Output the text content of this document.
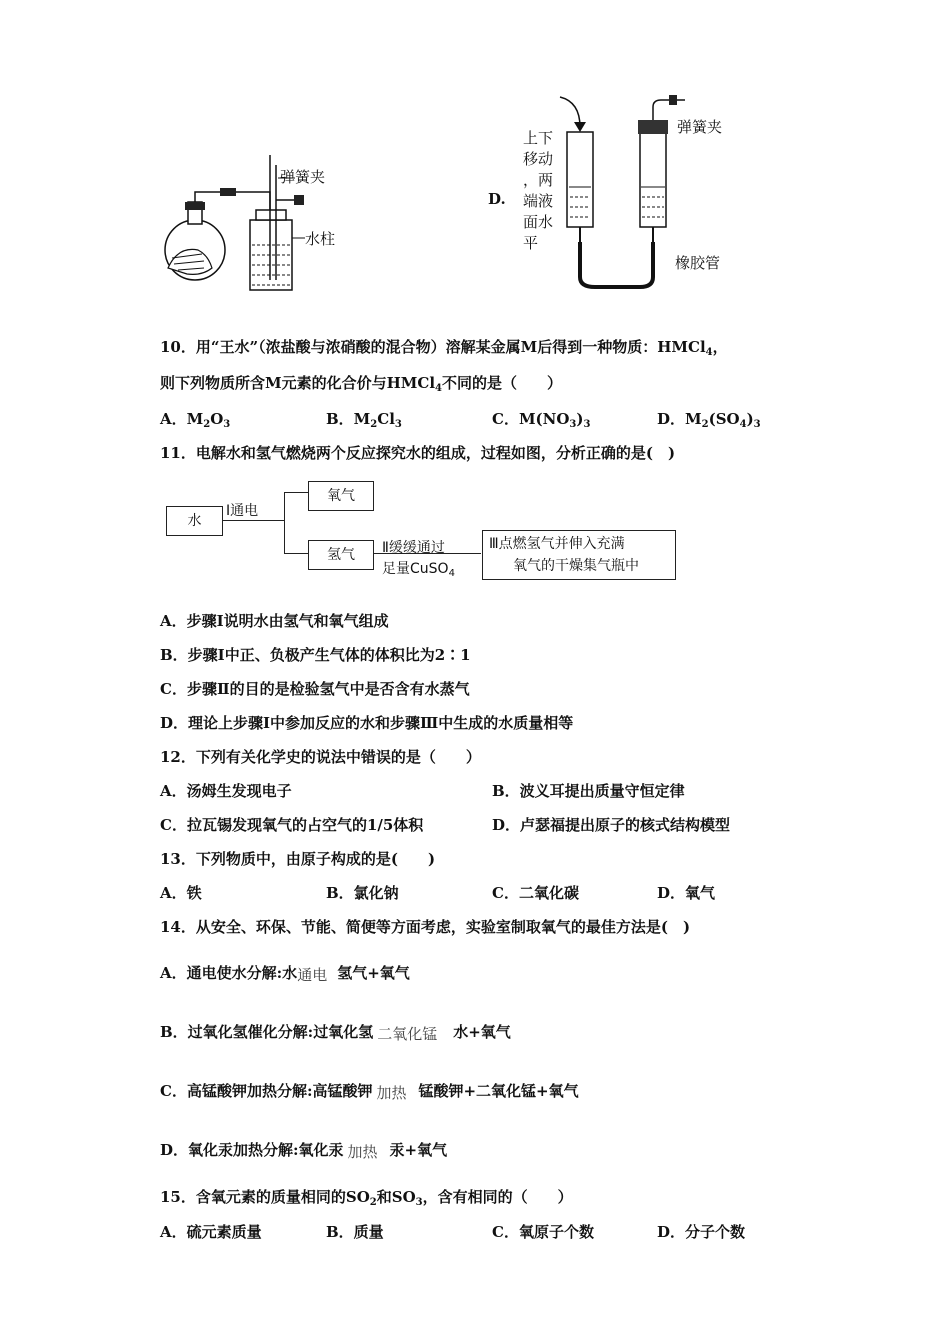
弹簧夹
水柱
D.
上下
移动
，两
端液
面水
平
弹簧夹
橡胶管
10．用“王水”（浓盐酸与浓硝酸的混合物）溶解某金属M后得到一种物质：HMCl$_4$，
则下列物质所含M元素的化合价与HMCl$_4$不同的是（　　）
A．$M_2O_3$	B．$M_2Cl_3$	C．$M(NO_3)_3$	D．$M_2(SO_4)_3$
11．电解水和氢气燃烧两个反应探究水的组成，过程如图，分析正确的是(　)
水
Ⅰ通电
氧气
氢气	Ⅱ缓缓通过
足量CuSO$_4$
Ⅲ点燃氢气并伸入充满
氧气的干燥集气瓶中
A．步骤Ⅰ说明水由氢气和氧气组成
B．步骤Ⅰ中正、负极产生气体的体积比为2∶1
C．步骤Ⅱ的目的是检验氢气中是否含有水蒸气
D．理论上步骤Ⅰ中参加反应的水和步骤Ⅲ中生成的水质量相等
12．下列有关化学史的说法中错误的是（　　）
A．汤姆生发现电子	B．波义耳提出质量守恒定律
C．拉瓦锡发现氧气的占空气的1/5体积	D．卢瑟福提出原子的核式结构模型
13．下列物质中，由原子构成的是(　　)
A．铁	B．氯化钠	C．二氧化碳	D．氧气
14．从安全、环保、节能、简便等方面考虑，实验室制取氧气的最佳方法是(　)
A．通电使水分解:水 通电 氢气+氧气
B．过氧化氢催化分解:过氧化氢 二氧化锰 水+氧气
C．高锰酸钾加热分解:高锰酸钾 加热 锰酸钾+二氧化锰+氧气
D．氧化汞加热分解:氧化汞 加热 汞+氧气
15．含氧元素的质量相同的$SO_2$和$SO_3$，含有相同的（　　）
A．硫元素质量	B．质量	C．氧原子个数	D．分子个数
